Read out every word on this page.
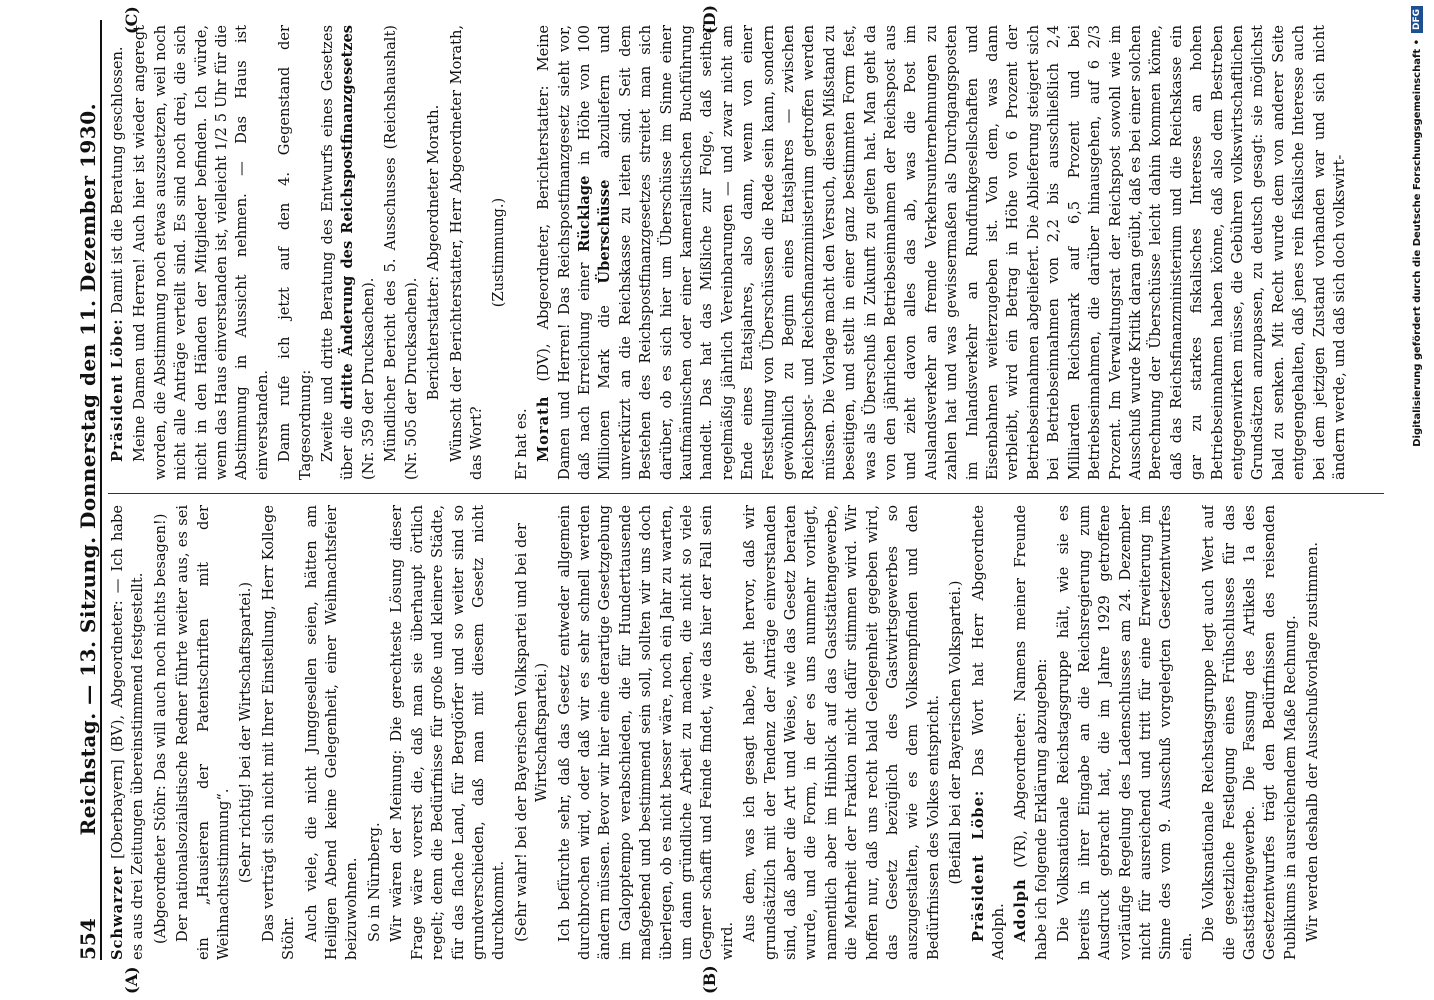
554
Reichstag. — 13. Sitzung. Donnerstag den 11. Dezember 1930.
(A)	(B)
(C)	(D)

Schwarzer [Oberbayern] (BV), Abgeordneter: — Ich habe es aus drei Zeitungen übereinstimmend festgestellt. (Abgeordneter Stöhr: Das will auch noch nichts besagen!) Der nationalsozialistische Redner führte weiter aus, es sei ein „Hausieren der Patentschriften mit der Weihnachtsstimmung“. (Sehr richtig! bei der Wirtschaftspartei.) Das verträgt sich nicht mit Ihrer Einstellung, Herr Kollege Stöhr. Auch viele, die nicht Junggesellen seien, hätten am Heiligen Abend keine Gelegenheit, einer Weihnachtsfeier beizuwohnen. So in Nürnberg. Wir wären der Meinung: Die gerechteste Lösung dieser Frage wäre vorerst die, daß man sie überhaupt örtlich regelt; denn die Bedürfnisse für große und kleinere Städte, für das flache Land, für Bergdörfer und so weiter sind so grundverschieden, daß man mit diesem Gesetz nicht durchkommt. (Sehr wahr! bei der Bayerischen Volkspartei und bei der Wirtschaftspartei.) Ich befürchte sehr, daß das Gesetz entweder allgemein durchbrochen wird, oder daß wir es sehr schnell werden ändern müssen. Bevor wir hier eine derartige Gesetzgebung im Galopptempo verabschieden, die für Hunderttausende maßgebend und bestimmend sein soll, sollten wir uns doch überlegen, ob es nicht besser wäre, noch ein Jahr zu warten, um dann gründliche Arbeit zu machen, die nicht so viele Gegner schafft und Feinde findet, wie das hier der Fall sein wird. Aus dem, was ich gesagt habe, geht hervor, daß wir grundsätzlich mit der Tendenz der Anträge einverstanden sind, daß aber die Art und Weise, wie das Gesetz beraten wurde, und die Form, in der es uns nunmehr vorliegt, namentlich aber im Hinblick auf das Gaststättengewerbe, die Mehrheit der Fraktion nicht dafür stimmen wird. Wir hoffen nur, daß uns recht bald Gelegenheit gegeben wird, das Gesetz bezüglich des Gastwirtsgewerbes so auszugestalten, wie es dem Volksempfinden und den Bedürfnissen des Volkes entspricht. (Beifall bei der Bayerischen Volkspartei.) Präsident Löbe: Das Wort hat Herr Abgeordnete Adolph. Adolph (VR), Abgeordneter: Namens meiner Freunde habe ich folgende Erklärung abzugeben: Die Volksnationale Reichstagsgruppe hält, wie sie es bereits in ihrer Eingabe an die Reichsregierung zum Ausdruck gebracht hat, die im Jahre 1929 getroffene vorläufige Regelung des Ladenschlusses am 24. Dezember nicht für ausreichend und tritt für eine Erweiterung im Sinne des vom 9. Ausschuß vorgelegten Gesetzentwurfes ein.

Die Volksnationale Reichstagsgruppe legt auch Wert auf die gesetzliche Festlegung eines Frühschlusses für das Gaststättengewerbe. Die Fassung des Artikels 1a des Gesetzentwurfes trägt den Bedürfnissen des reisenden Publikums in ausreichendem Maße Rechnung. Wir werden deshalb der Ausschußvorlage zustimmen.

Präsident Löbe: Damit ist die Beratung geschlossen. Meine Damen und Herren! Auch hier ist wieder angeregt worden, die Abstimmung noch etwas auszusetzen, weil noch nicht alle Anträge verteilt sind. Es sind noch drei, die sich nicht in den Händen der Mitglieder befinden. Ich würde, wenn das Haus einverstanden ist, vielleicht 1/2 5 Uhr für die Abstimmung in Aussicht nehmen. — Das Haus ist einverstanden. Dann rufe ich jetzt auf den 4. Gegenstand der Tagesordnung: Zweite und dritte Beratung des Entwurfs eines Gesetzes über die dritte Änderung des Reichspostfinanzgesetzes (Nr. 359 der Drucksachen). Mündlicher Bericht des 5. Ausschusses (Reichshaushalt) (Nr. 505 der Drucksachen). Berichterstatter: Abgeordneter Morath. Wünscht der Berichterstatter, Herr Abgeordneter Morath, das Wort?

(Zustimmung.)

Er hat es. Morath (DV), Abgeordneter, Berichterstatter: Meine Damen und Herren! Das Reichspostfinanzgesetz sieht vor, daß nach Erreichung einer Rücklage in Höhe von 100 Millionen Mark die Überschüsse abzuliefern und unverkürzt an die Reichskasse zu leiten sind. Seit dem Bestehen des Reichspostfinanzgesetzes streitet man sich darüber, ob es sich hier um Überschüsse im Sinne einer kaufmännischen oder einer kameralistischen Buchführung handelt. Das hat das Mißliche zur Folge, daß seither regelmäßig jährlich Vereinbarungen — und zwar nicht am Ende eines Etatsjahres, also dann, wenn von einer Feststellung von Überschüssen die Rede sein kann, sondern gewöhnlich zu Beginn eines Etatsjahres — zwischen Reichspost- und Reichsfinanzministerium getroffen werden müssen. Die Vorlage macht den Versuch, diesen Mißstand zu beseitigen, und stellt in einer ganz bestimmten Form fest, was als Überschuß in Zukunft zu gelten hat. Man geht da von den jährlichen Betriebseinnahmen der Reichspost aus und zieht davon alles das ab, was die Post im Auslandsverkehr an fremde Verkehrsunternehmungen zu zahlen hat und was gewissermaßen als Durchgangsposten im Inlandsverkehr an Rundfunkgesellschaften und Eisenbahnen weiterzugeben ist. Von dem, was dann verbleibt, wird ein Betrag in Höhe von 6 Prozent der Betriebseinnahmen abgeliefert. Die Ablieferung steigert sich bei Betriebseinnahmen von 2,2 bis ausschließlich 2,4 Milliarden Reichsmark auf 6,5 Prozent und bei Betriebseinnahmen, die darüber hinausgehen, auf 6 2/3 Prozent. Im Verwaltungsrat der Reichspost sowohl wie im Ausschuß wurde Kritik daran geübt, daß es bei einer solchen Berechnung der Überschüsse leicht dahin kommen könne, daß das Reichsfinanzministerium und die Reichskasse ein gar zu starkes fiskalisches Interesse an hohen Betriebseinnahmen haben könne, daß also dem Bestreben entgegenwirken müsse, die Gebühren volkswirtschaftlichen Grundsätzen anzupassen, zu deutsch gesagt: sie möglichst bald zu senken. Mit Recht wurde dem von anderer Seite entgegengehalten, daß jenes rein fiskalische Interesse auch bei dem jetzigen Zustand vorhanden war und sich nicht ändern werde, und daß sich doch volkswirt-	Digitalisierung gefördert durch die Deutsche Forschungsgemeinschaft •
DFG
